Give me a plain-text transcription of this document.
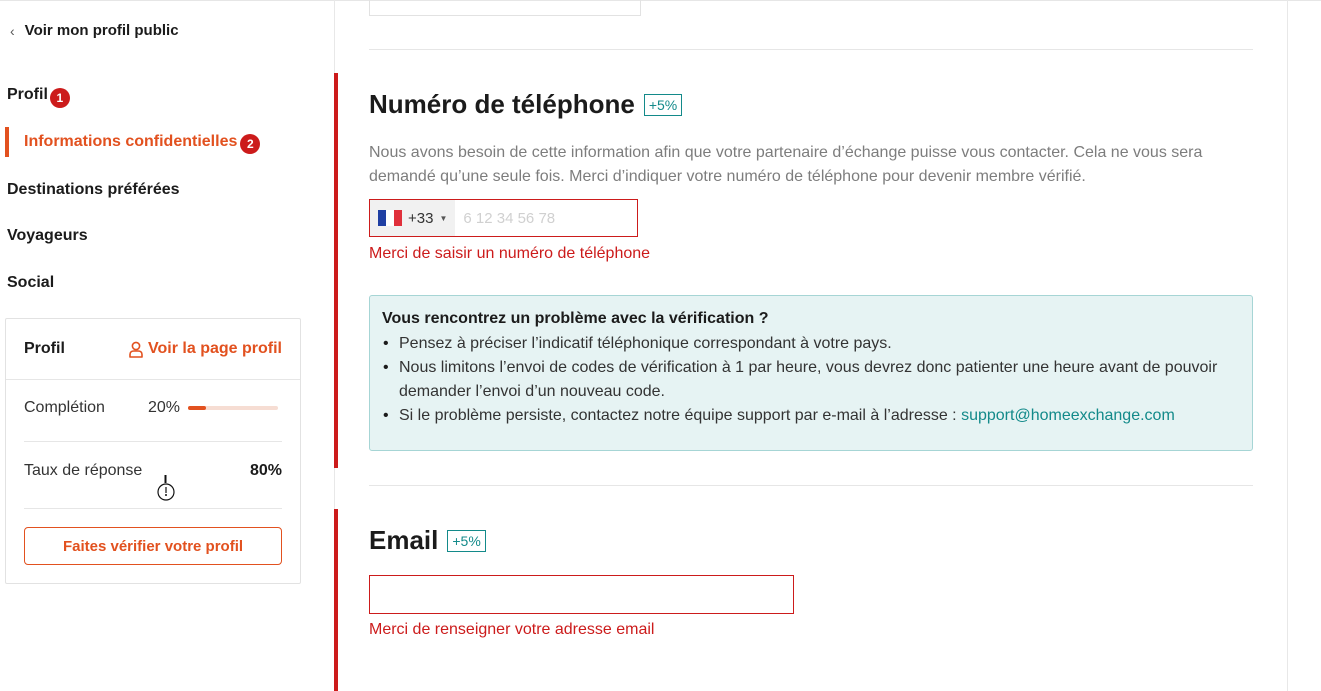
‹ Voir mon profil public
Profil 1
Informations confidentielles 2
Destinations préférées
Voyageurs
Social
Profil	Voir la page profil
Complétion	20%
Taux de réponse	80%
Faites vérifier votre profil
Numéro de téléphone	+5%

Nous avons besoin de cette information afin que votre partenaire d’échange puisse vous contacter. Cela ne vous sera demandé qu’une seule fois. Merci d’indiquer votre numéro de téléphone pour devenir membre vérifié.

+33 ▼
6 12 34 56 78
Merci de saisir un numéro de téléphone
Vous rencontrez un problème avec la vérification ?
• Pensez à préciser l’indicatif téléphonique correspondant à votre pays.
• Nous limitons l’envoi de codes de vérification à 1 par heure, vous devrez donc patienter une heure avant de pouvoir demander l’envoi d’un nouveau code.
• Si le problème persiste, contactez notre équipe support par e-mail à l’adresse : support@homeexchange.com
Email	+5%
Merci de renseigner votre adresse email
